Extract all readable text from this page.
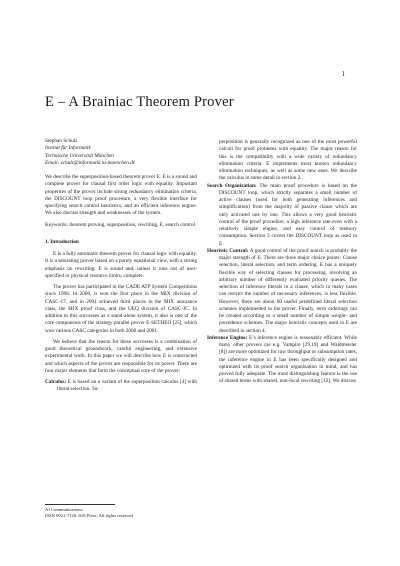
1
E – A Brainiac Theorem Prover

Stephan Schulz

Institut für Informatik

Technische Universität München

Email: schulz@informatik.tu-muenchen.de

We describe the superposition-based theorem prover E. E is a sound and complete prover for clausal first order logic with equality. Important properties of the prover include strong redundancy elimination criteria, the DISCOUNT loop proof procedure, a very flexible interface for specifying search control heuristics, and an efficient inference engine. We also discuss strength and weaknesses of the system.

Keywords: theorem proving, superposition, rewriting, E, search control

1. Introduction

E is a fully automatic theorem prover for clausal logic with equality. It is a saturating prover based on a purely equational view, with a strong emphasis on rewriting. E is sound and, unless it runs out of user-specified or physical resource limits, complete.

The prover has participated in the CADE ATP System Competitions since 1998. In 2000, it won the first place in the MIX division of CASC-17, and in 2001 achieved third places in the MIX assurance class, the MIX proof class, and the UEQ division of CASC-JC. In addition to this successes as a stand-alone system, it also is one of the core components of the strategy parallel prover E-SETHEO [25], which won various CASC categories in both 2000 and 2001.

We believe that the reason for these successes is a combination of good theoretical groundwork, careful engineering, and extensive experimental work. In this paper we will describe how E is constructed and which aspects of the prover are responsible for its power. There are four major elements that form the conceptual core of the prover:

Calculus: E is based on a variant of the superposition calculus [4] with literal selection. Su-

perposition is generally recognized as one of the most powerful calculi for proof problems with equality. The major reason for this is the compatibility with a wide variety of redundancy elimination criteria. E implements most known redundancy elimination techniques, as well as some new ones. We describe the calculus in some detail in section 2.

Search Organization: The main proof procedure is based on the DISCOUNT loop, which strictly separates a small number of active clauses (used for both generating inferences and simplification) from the majority of passive clause which are only activated one by one. This allows a very good heuristic control of the proof procedure, a high inference rate even with a relatively simple engine, and easy control of memory consumption. Section 3 covers the DISCOUNT loop as used in E.

Heuristic Control: A good control of the proof search is probably the major strength of E. There are three major choice points: Clause selection, literal selection, and term ordering. E has a uniquely flexible way of selecting clauses for processing, involving an arbitrary number of differently evaluated priority queues. The selection of inference literals in a clause, which in many cases can restrict the number of necessary inferences, is less flexible. However, there are about 60 useful predefined literal selection schemes implemented in the prover. Finally, term orderings can be created according to a small number of simple weight- and precedence schemes. The major heuristic concepts used in E are described in section 4.

Inference Engine: E’s inference engine is reasonably efficient. While many other provers (as e.g. Vampire [29,19] and Waldmeister [8]) are more optimized for raw throughput or subsumption rates, the inference engine in E has been specifically designed and optimized with its proof search organization in mind, and has proved fully adequate. The most distinguishing feature is the use of shared terms with shared, non-local rewriting [12]. We discuss

AI Communications
ISSN 0921-7126, IOS Press. All rights reserved
